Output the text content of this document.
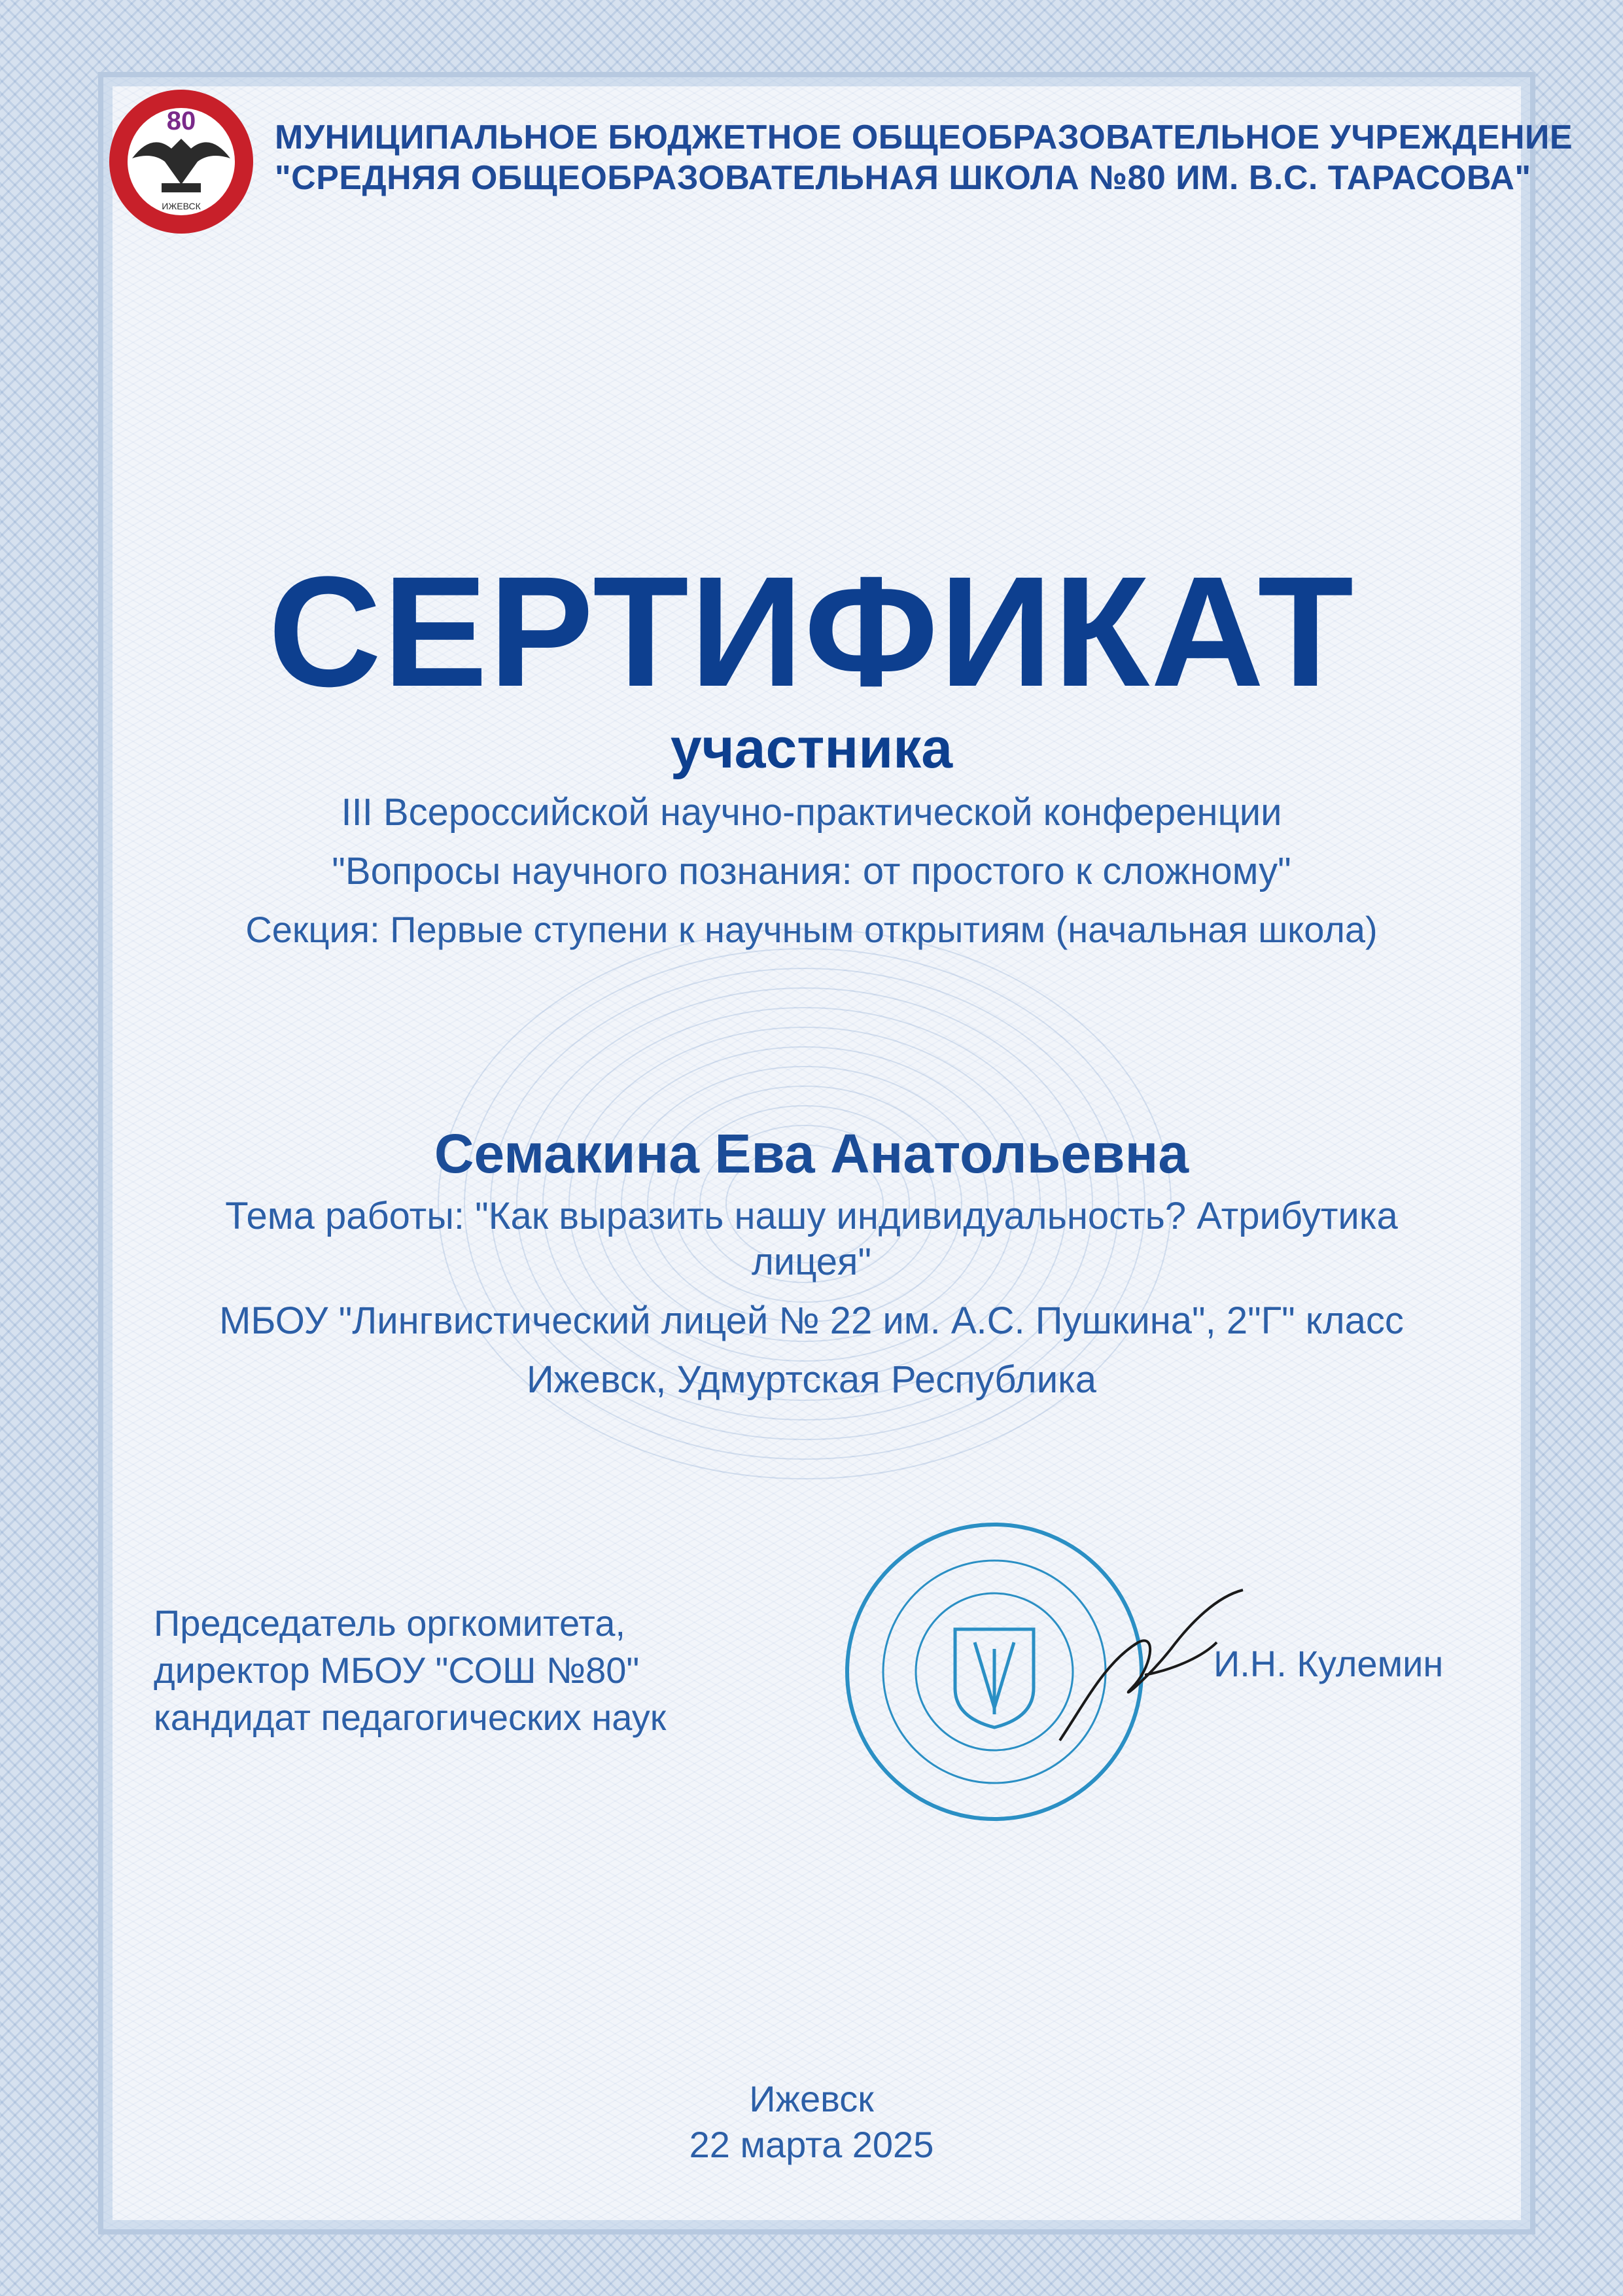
80
ИЖЕВСК
МУНИЦИПАЛЬНОЕ БЮДЖЕТНОЕ ОБЩЕОБРАЗОВАТЕЛЬНОЕ УЧРЕЖДЕНИЕ
"СРЕДНЯЯ ОБЩЕОБРАЗОВАТЕЛЬНАЯ ШКОЛА №80 ИМ. В.С. ТАРАСОВА"
СЕРТИФИКАТ
участника
III Всероссийской научно-практической конференции
"Вопросы научного познания: от простого к сложному"
Секция: Первые ступени к научным открытиям (начальная школа)
Семакина Ева Анатольевна
Тема работы: "Как выразить нашу индивидуальность? Атрибутика
лицея"
МБОУ "Лингвистический лицей № 22 им. А.С. Пушкина", 2"Г" класс
Ижевск, Удмуртская Республика
Председатель оргкомитета,
директор МБОУ "СОШ №80"
кандидат педагогических наук
И.Н. Кулемин
Ижевск
22 марта 2025
